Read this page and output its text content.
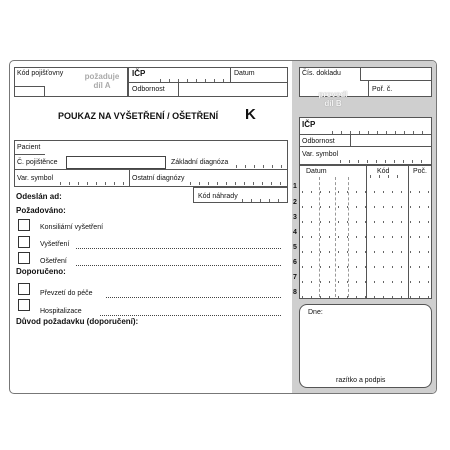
Kód pojišťovny	požaduje
díl A
IČP	Datum
Odbornost
POUKAZ NA VYŠETŘENÍ / OŠETŘENÍ K
Pacient
Č. pojištěnce	Základní diagnóza
Var. symbol	Ostatní diagnózy
Odeslán ad:	Kód náhrady
Požadováno:
Konsiliární vyšetření
Vyšetření
Ošetření
Doporučeno:
Převzetí do péče
Hospitalizace
Důvod požadavku (doporučení):
Čís. dokladu
provedl
díl B
Poř. č.
IČP
Odbornost
Var. symbol
Datum	Kód	Poč.
1
2
3
4
5
6
7
8
Dne:
razítko a podpis
